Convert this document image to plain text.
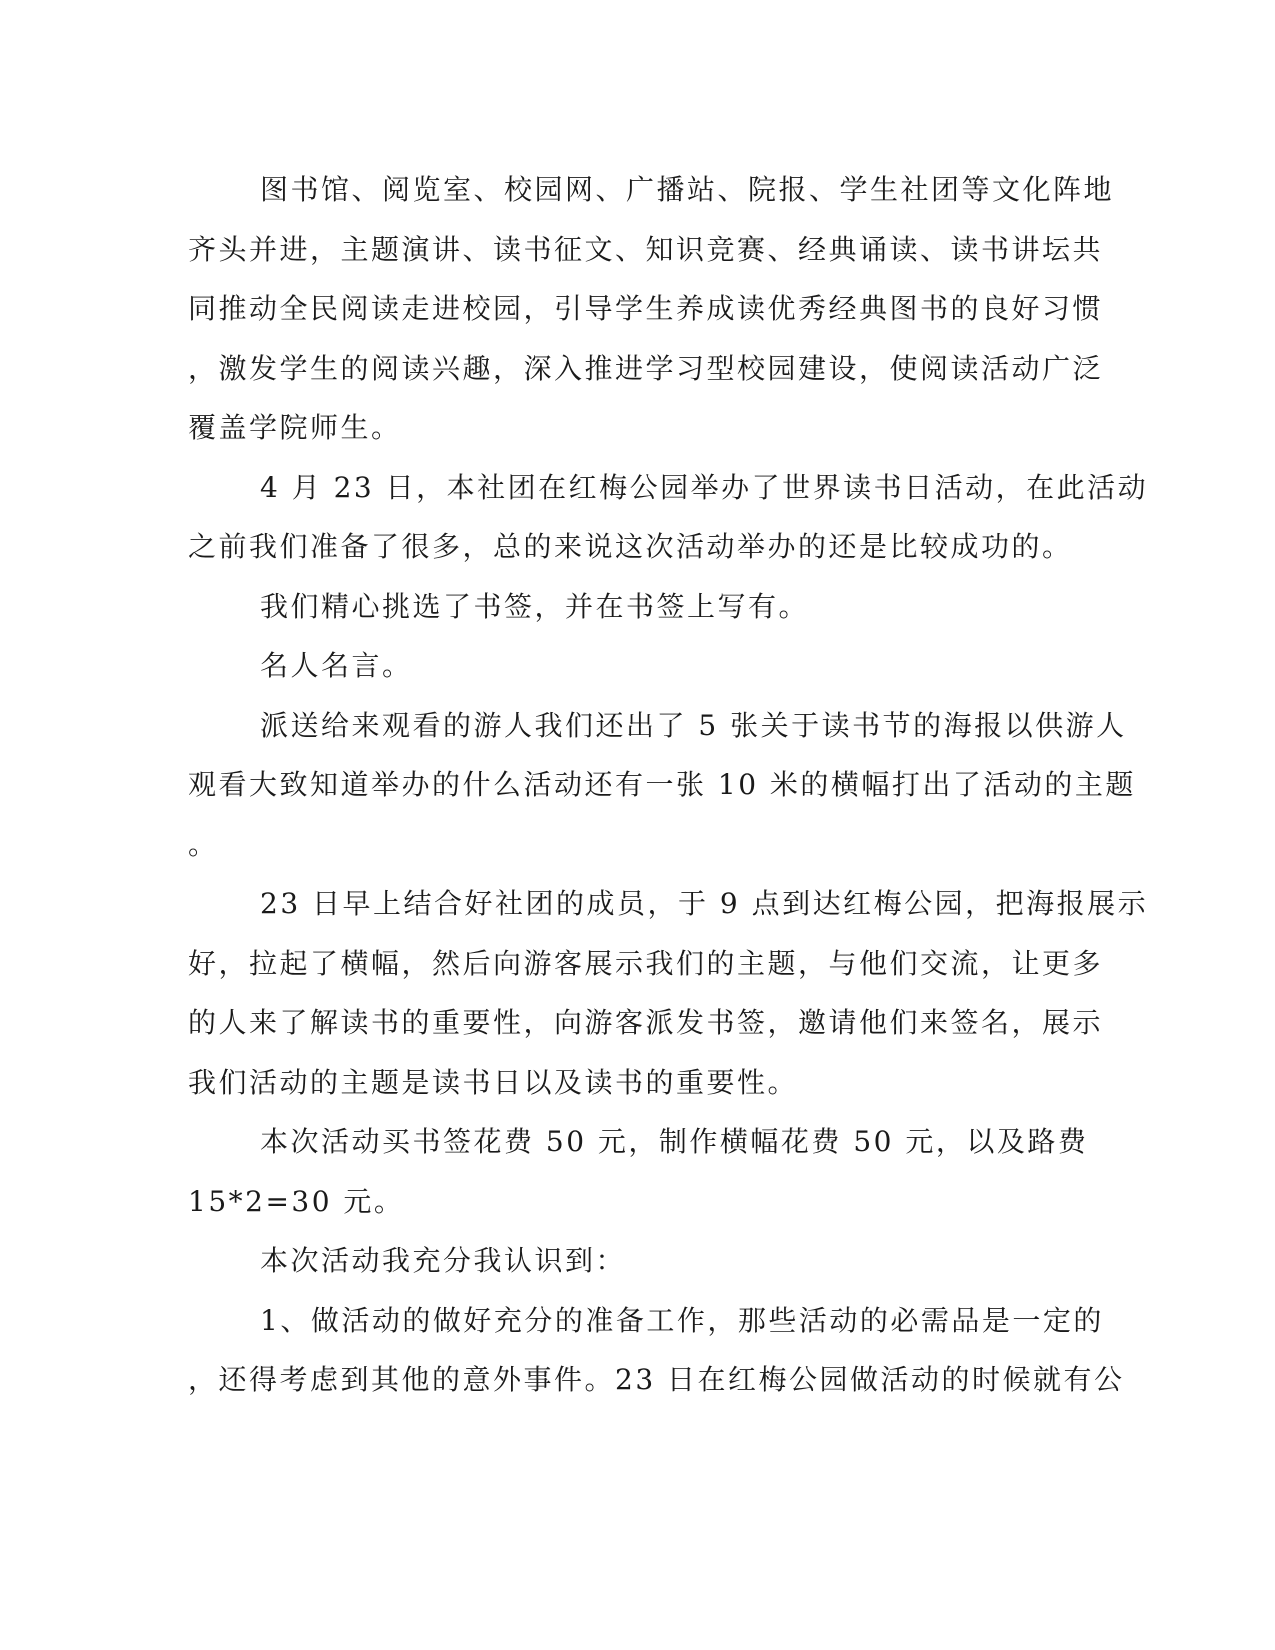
图书馆、阅览室、校园网、广播站、院报、学生社团等文化阵地
齐头并进，主题演讲、读书征文、知识竞赛、经典诵读、读书讲坛共
同推动全民阅读走进校园，引导学生养成读优秀经典图书的良好习惯
，激发学生的阅读兴趣，深入推进学习型校园建设，使阅读活动广泛
覆盖学院师生。
4 月 23 日，本社团在红梅公园举办了世界读书日活动，在此活动
之前我们准备了很多，总的来说这次活动举办的还是比较成功的。
我们精心挑选了书签，并在书签上写有。
名人名言。
派送给来观看的游人我们还出了 5 张关于读书节的海报以供游人
观看大致知道举办的什么活动还有一张 10 米的横幅打出了活动的主题
。
23 日早上结合好社团的成员，于 9 点到达红梅公园，把海报展示
好，拉起了横幅，然后向游客展示我们的主题，与他们交流，让更多
的人来了解读书的重要性，向游客派发书签，邀请他们来签名，展示
我们活动的主题是读书日以及读书的重要性。
本次活动买书签花费 50 元，制作横幅花费 50 元，以及路费
15*2=30 元。
本次活动我充分我认识到：
1、做活动的做好充分的准备工作，那些活动的必需品是一定的
，还得考虑到其他的意外事件。23 日在红梅公园做活动的时候就有公
